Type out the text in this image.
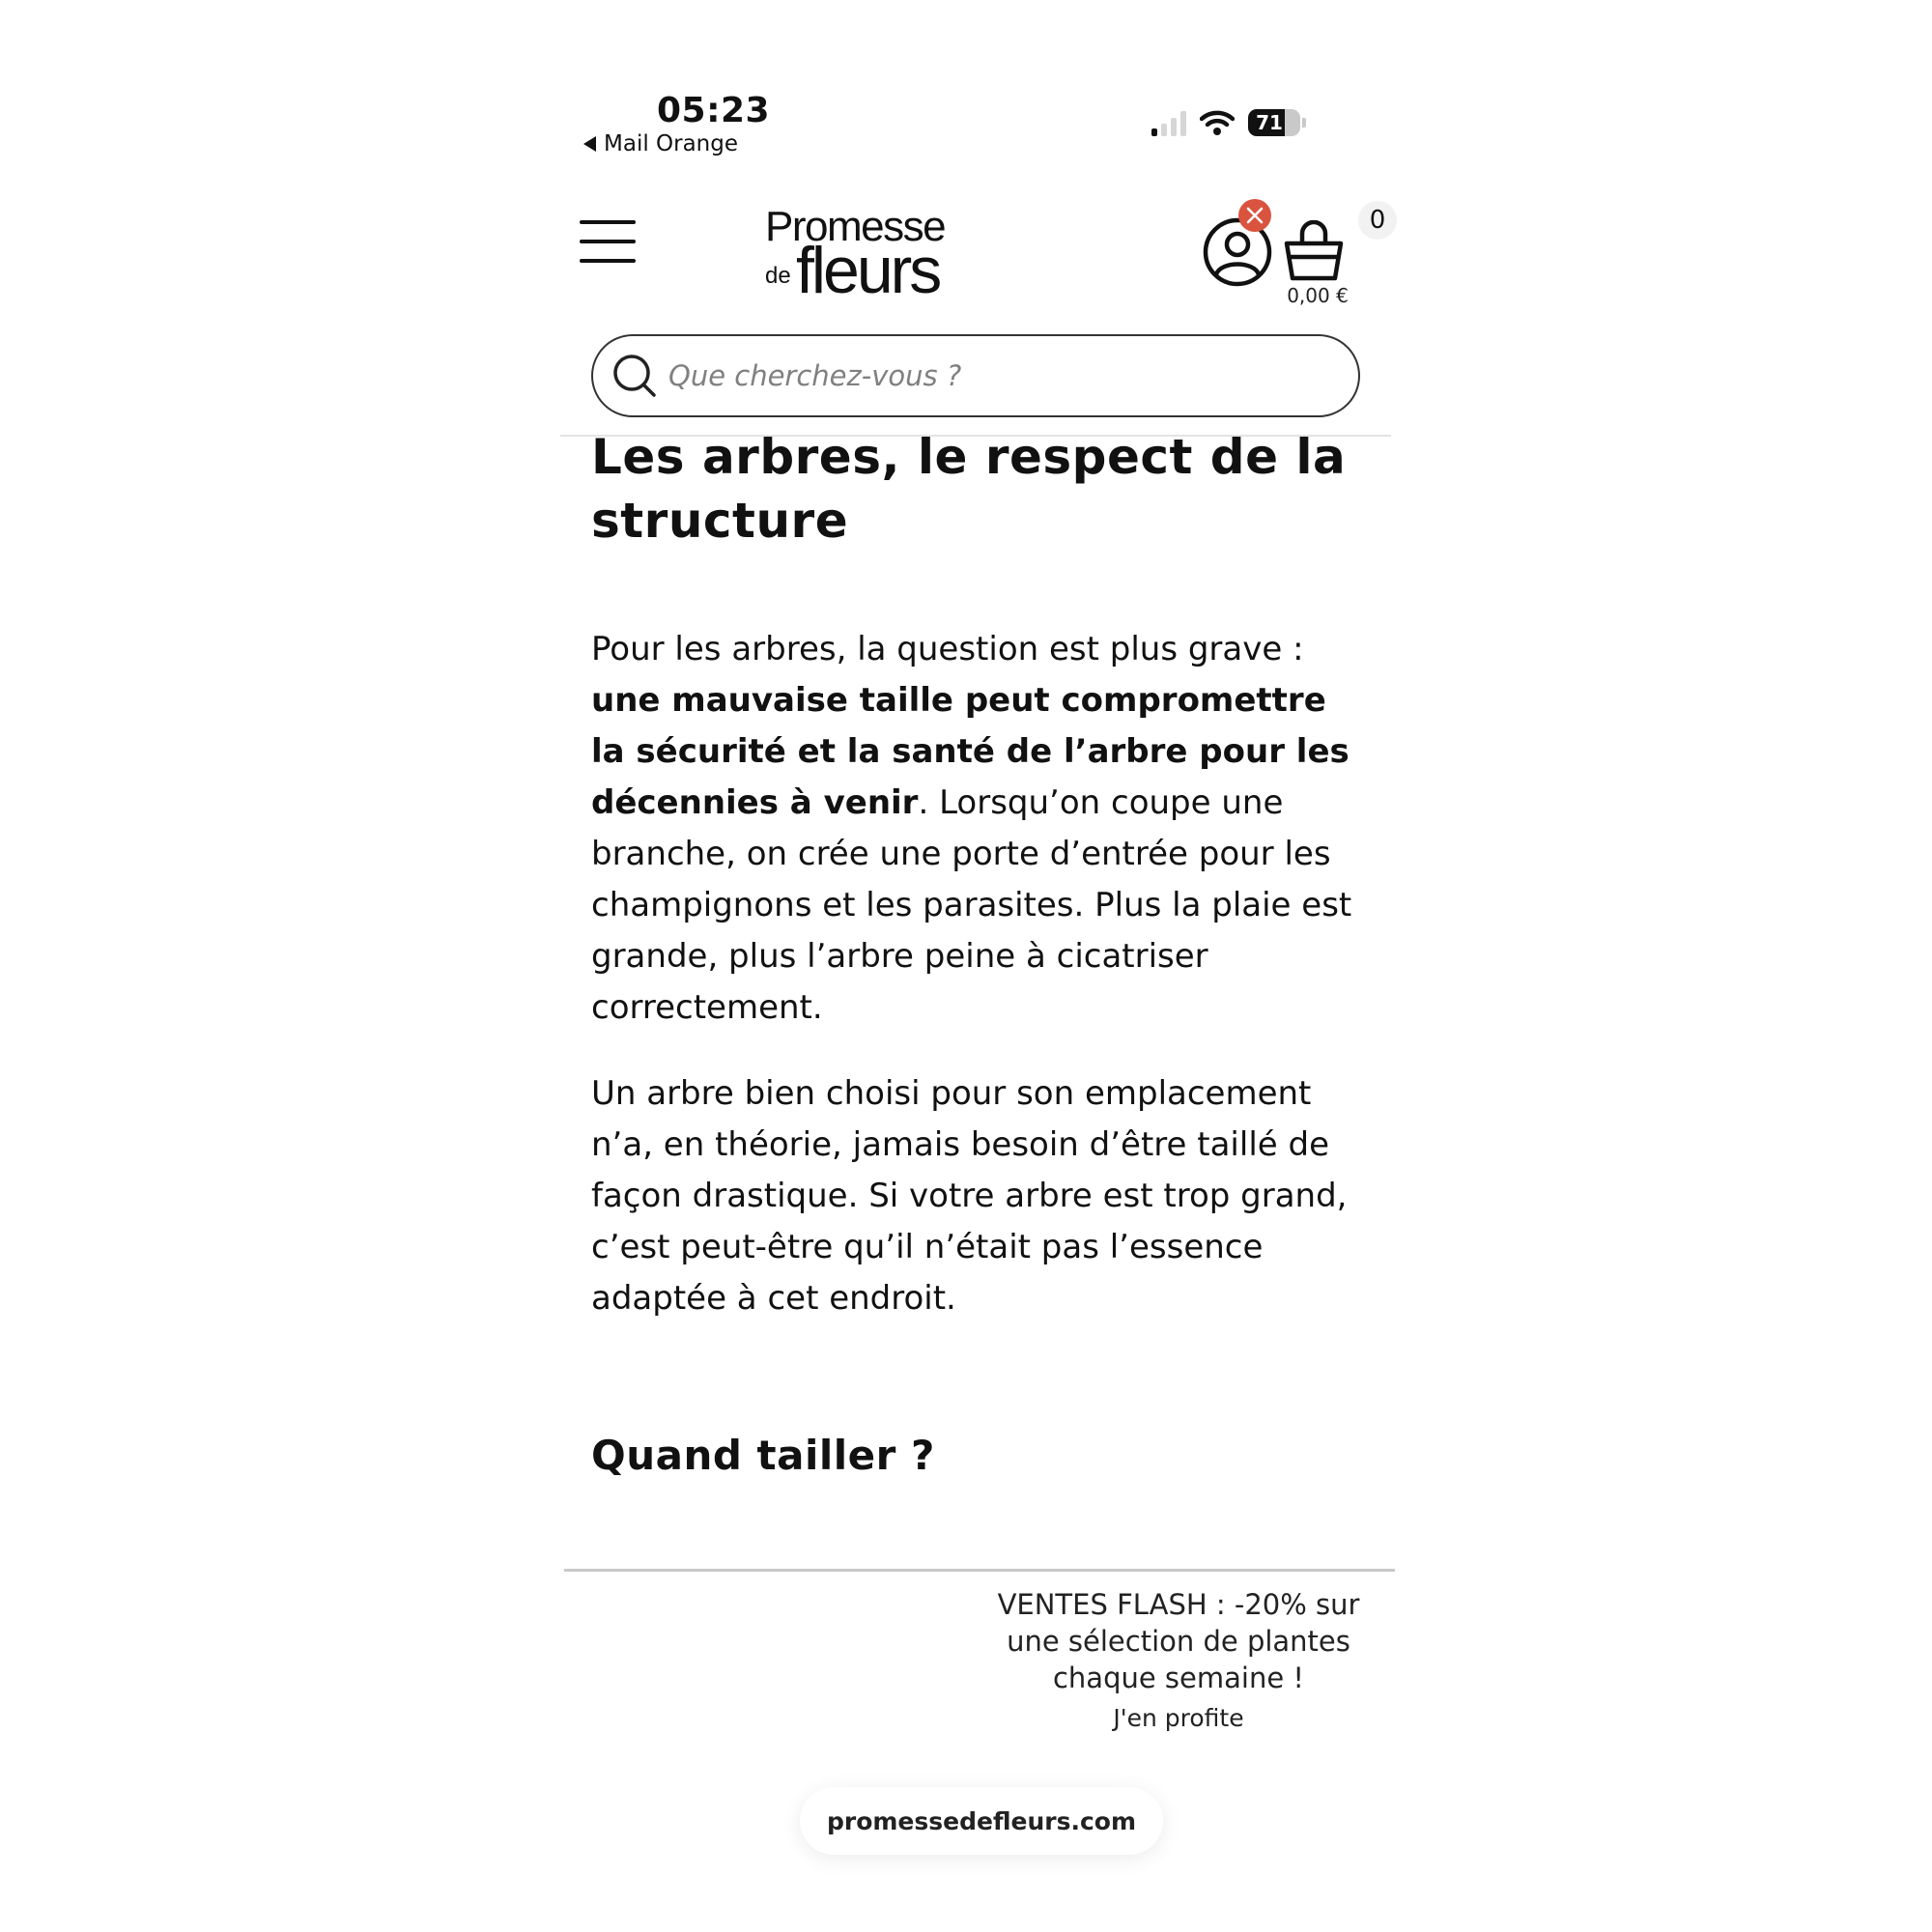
05:23
Mail Orange
71
Promesse
de fleurs
0
0,00 €
Que cherchez-vous ?
Les arbres, le respect de la structure

Pour les arbres, la question est plus grave : une mauvaise taille peut compromettre la sécurité et la santé de l’arbre pour les décennies à venir. Lorsqu’on coupe une branche, on crée une porte d’entrée pour les champignons et les parasites. Plus la plaie est grande, plus l’arbre peine à cicatriser correctement.

Un arbre bien choisi pour son emplacement n’a, en théorie, jamais besoin d’être taillé de façon drastique. Si votre arbre est trop grand, c’est peut-être qu’il n’était pas l’essence adaptée à cet endroit.

Quand tailler ?
VENTES FLASH : -20% sur une sélection de plantes chaque semaine !
J'en profite
promessedefleurs.com
